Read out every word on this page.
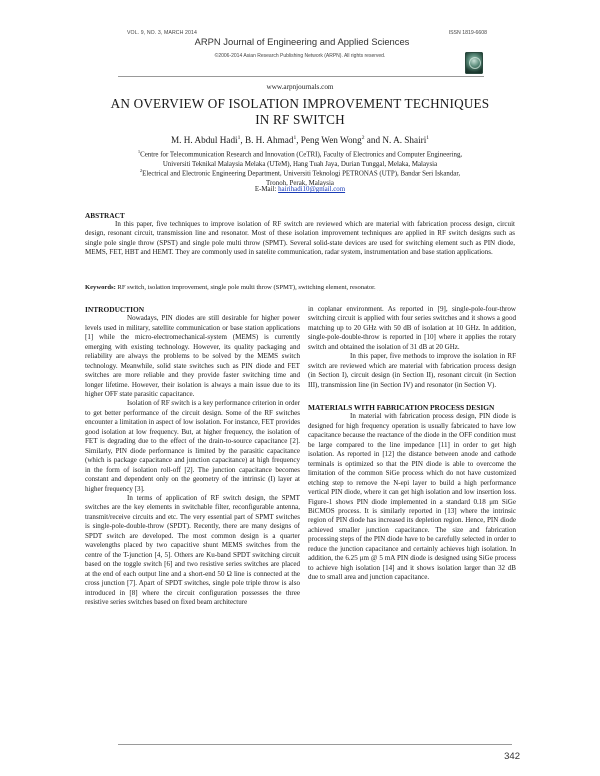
VOL. 9, NO. 3, MARCH 2014	ISSN 1819-6608
ARPN Journal of Engineering and Applied Sciences
©2006-2014 Asian Research Publishing Network (ARPN). All rights reserved.
www.arpnjournals.com
AN OVERVIEW OF ISOLATION IMPROVEMENT TECHNIQUES
IN RF SWITCH
M. H. Abdul Hadi$^1$, B. H. Ahmad$^1$, Peng Wen Wong$^2$ and N. A. Shairi$^1$
$^1$Centre for Telecommunication Research and Innovation (CeTRI), Faculty of Electronics and Computer Engineering,
Universiti Teknikal Malaysia Melaka (UTeM), Hang Tuah Jaya, Durian Tunggal, Melaka, Malaysia
$^2$Electrical and Electronic Engineering Department, Universiti Teknologi PETRONAS (UTP), Bandar Seri Iskandar,
Tronoh, Perak, Malaysia
E-Mail: hairihadi10@gmail.com
ABSTRACT
In this paper, five techniques to improve isolation of RF switch are reviewed which are material with fabrication process design, circuit design, resonant circuit, transmission line and resonator. Most of these isolation improvement techniques are applied in RF switch designs such as single pole single throw (SPST) and single pole multi throw (SPMT). Several solid-state devices are used for switching element such as PIN diode, MEMS, FET, HBT and HEMT. They are commonly used in satelite communication, radar system, instrumentation and base station applications.
Keywords: RF switch, isolation improvement, single pole multi throw (SPMT), switching element, resonator.
INTRODUCTION

Nowadays, PIN diodes are still desirable for higher power levels used in military, satellite communication or base station applications [1] while the micro-electromechanical-system (MEMS) is currently emerging with existing technology. However, its quality packaging and reliability are always the problems to be solved by the MEMS switch technology. Meanwhile, solid state switches such as PIN diode and FET switches are more reliable and they provide faster switching time and longer lifetime. However, their isolation is always a main issue due to its higher OFF state parasitic capacitance.

Isolation of RF switch is a key performance criterion in order to get better performance of the circuit design. Some of the RF switches encounter a limitation in aspect of low isolation. For instance, FET provides good isolation at low frequency. But, at higher frequency, the isolation of FET is degrading due to the effect of the drain-to-source capacitance [2]. Similarly, PIN diode performance is limited by the parasitic capacitance (which is package capacitance and junction capacitance) at high frequency in the form of isolation roll-off [2]. The junction capacitance becomes constant and dependent only on the geometry of the intrinsic (I) layer at higher frequency [3].

In terms of application of RF switch design, the SPMT switches are the key elements in switchable filter, reconfigurable antenna, transmit/receive circuits and etc. The very essential part of SPMT switches is single-pole-double-throw (SPDT). Recently, there are many designs of SPDT switch are developed. The most common design is a quarter wavelengths placed by two capacitive shunt MEMS switches from the centre of the T-junction [4, 5]. Others are Ku-band SPDT switching circuit based on the toggle switch [6] and two resistive series switches are placed at the end of each output line and a short-end 50 Ω line is connected at the cross junction [7]. Apart of SPDT switches, single pole triple throw is also introduced in [8] where the circuit configuration possesses the three resistive series switches based on fixed beam architecture

in coplanar environment. As reported in [9], single-pole-four-throw switching circuit is applied with four series switches and it shows a good matching up to 20 GHz with 50 dB of isolation at 10 GHz. In addition, single-pole-double-throw is reported in [10] where it applies the rotary switch and obtained the isolation of 31 dB at 20 GHz.

In this paper, five methods to improve the isolation in RF switch are reviewed which are material with fabrication process design (in Section I), circuit design (in Section II), resonant circuit (in Section III), transmission line (in Section IV) and resonator (in Section V).

MATERIALS WITH FABRICATION PROCESS DESIGN

In material with fabrication process design, PIN diode is designed for high frequency operation is usually fabricated to have low capacitance because the reactance of the diode in the OFF condition must be large compared to the line impedance [11] in order to get high isolation. As reported in [12] the distance between anode and cathode terminals is optimized so that the PIN diode is able to overcome the limitation of the common SiGe process which do not have customized etching step to remove the N-epi layer to build a high performance vertical PIN diode, where it can get high isolation and low insertion loss. Figure-1 shows PIN diode implemented in a standard 0.18 μm SiGe BiCMOS process. It is similarly reported in [13] where the intrinsic region of PIN diode has increased its depletion region. Hence, PIN diode achieved smaller junction capacitance. The size and fabrication processing steps of the PIN diode have to be carefully selected in order to reduce the junction capacitance and certainly achieves high isolation. In addition, the 6.25 μm @ 5 mA PIN diode is designed using SiGe process to achieve high isolation [14] and it shows isolation larger than 32 dB due to small area and junction capacitance.

342
